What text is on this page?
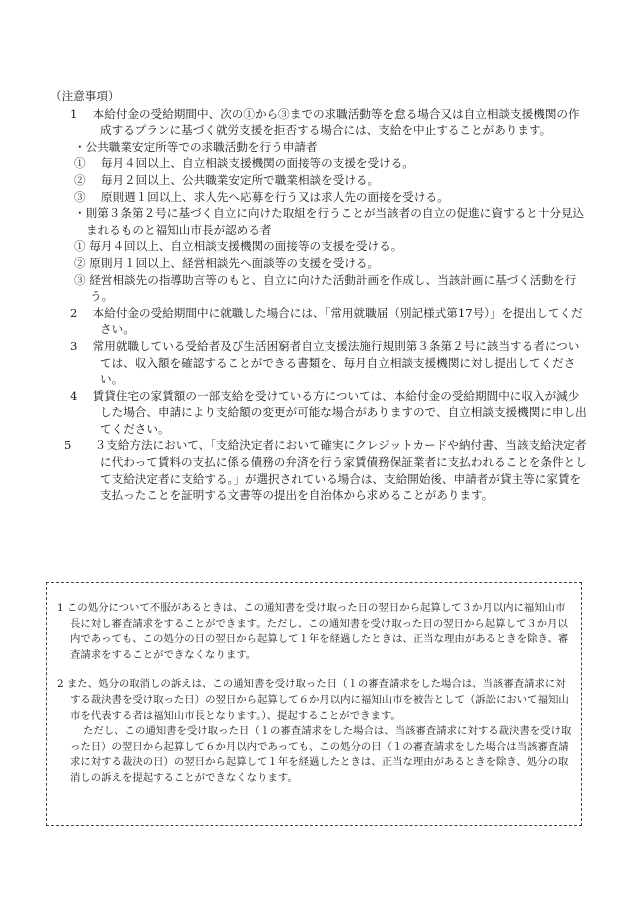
（注意事項）

1　 本給付金の受給期間中、次の①から③までの求職活動等を怠る場合又は自立相談支援機関の作成するプランに基づく就労支援を拒否する場合には、支給を中止することがあります。

・公共職業安定所等での求職活動を行う申請者

①　 毎月４回以上、自立相談支援機関の面接等の支援を受ける。

②　 毎月２回以上、公共職業安定所で職業相談を受ける。

③　 原則週１回以上、求人先へ応募を行う又は求人先の面接を受ける。

・則第３条第２号に基づく自立に向けた取組を行うことが当該者の自立の促進に資すると十分見込まれるものと福知山市長が認める者

① 毎月４回以上、自立相談支援機関の面接等の支援を受ける。

② 原則月１回以上、経営相談先へ面談等の支援を受ける。

③ 経営相談先の指導助言等のもと、自立に向けた活動計画を作成し、当該計画に基づく活動を行う。

2　 本給付金の受給期間中に就職した場合には、「常用就職届（別記様式第17号）」を提出してください。

3　 常用就職している受給者及び生活困窮者自立支援法施行規則第３条第２号に該当する者については、収入額を確認することができる書類を、毎月自立相談支援機関に対し提出してください。

4　 賃貸住宅の家賃額の一部支給を受けている方については、本給付金の受給期間中に収入が減少した場合、申請により支給額の変更が可能な場合がありますので、自立相談支援機関に申し出てください。

5　　３支給方法において、「支給決定者において確実にクレジットカードや納付書、当該支給決定者に代わって賃料の支払に係る債務の弁済を行う家賃債務保証業者に支払われることを条件として支給決定者に支給する。」が選択されている場合は、支給開始後、申請者が貸主等に家賃を支払ったことを証明する文書等の提出を自治体から求めることがあります。

1 この処分について不服があるときは、この通知書を受け取った日の翌日から起算して３か月以内に福知山市長に対し審査請求をすることができます。ただし、この通知書を受け取った日の翌日から起算して３か月以内であっても、この処分の日の翌日から起算して１年を経過したときは、正当な理由があるときを除き、審査請求をすることができなくなります。

2 また、処分の取消しの訴えは、この通知書を受け取った日（１の審査請求をした場合は、当該審査請求に対する裁決書を受け取った日）の翌日から起算して６か月以内に福知山市を被告として（訴訟において福知山市を代表する者は福知山市長となります。）、提起することができます。

ただし、この通知書を受け取った日（１の審査請求をした場合は、当該審査請求に対する裁決書を受け取った日）の翌日から起算して６か月以内であっても、この処分の日（１の審査請求をした場合は当該審査請求に対する裁決の日）の翌日から起算して１年を経過したときは、正当な理由があるときを除き、処分の取消しの訴えを提起することができなくなります。
